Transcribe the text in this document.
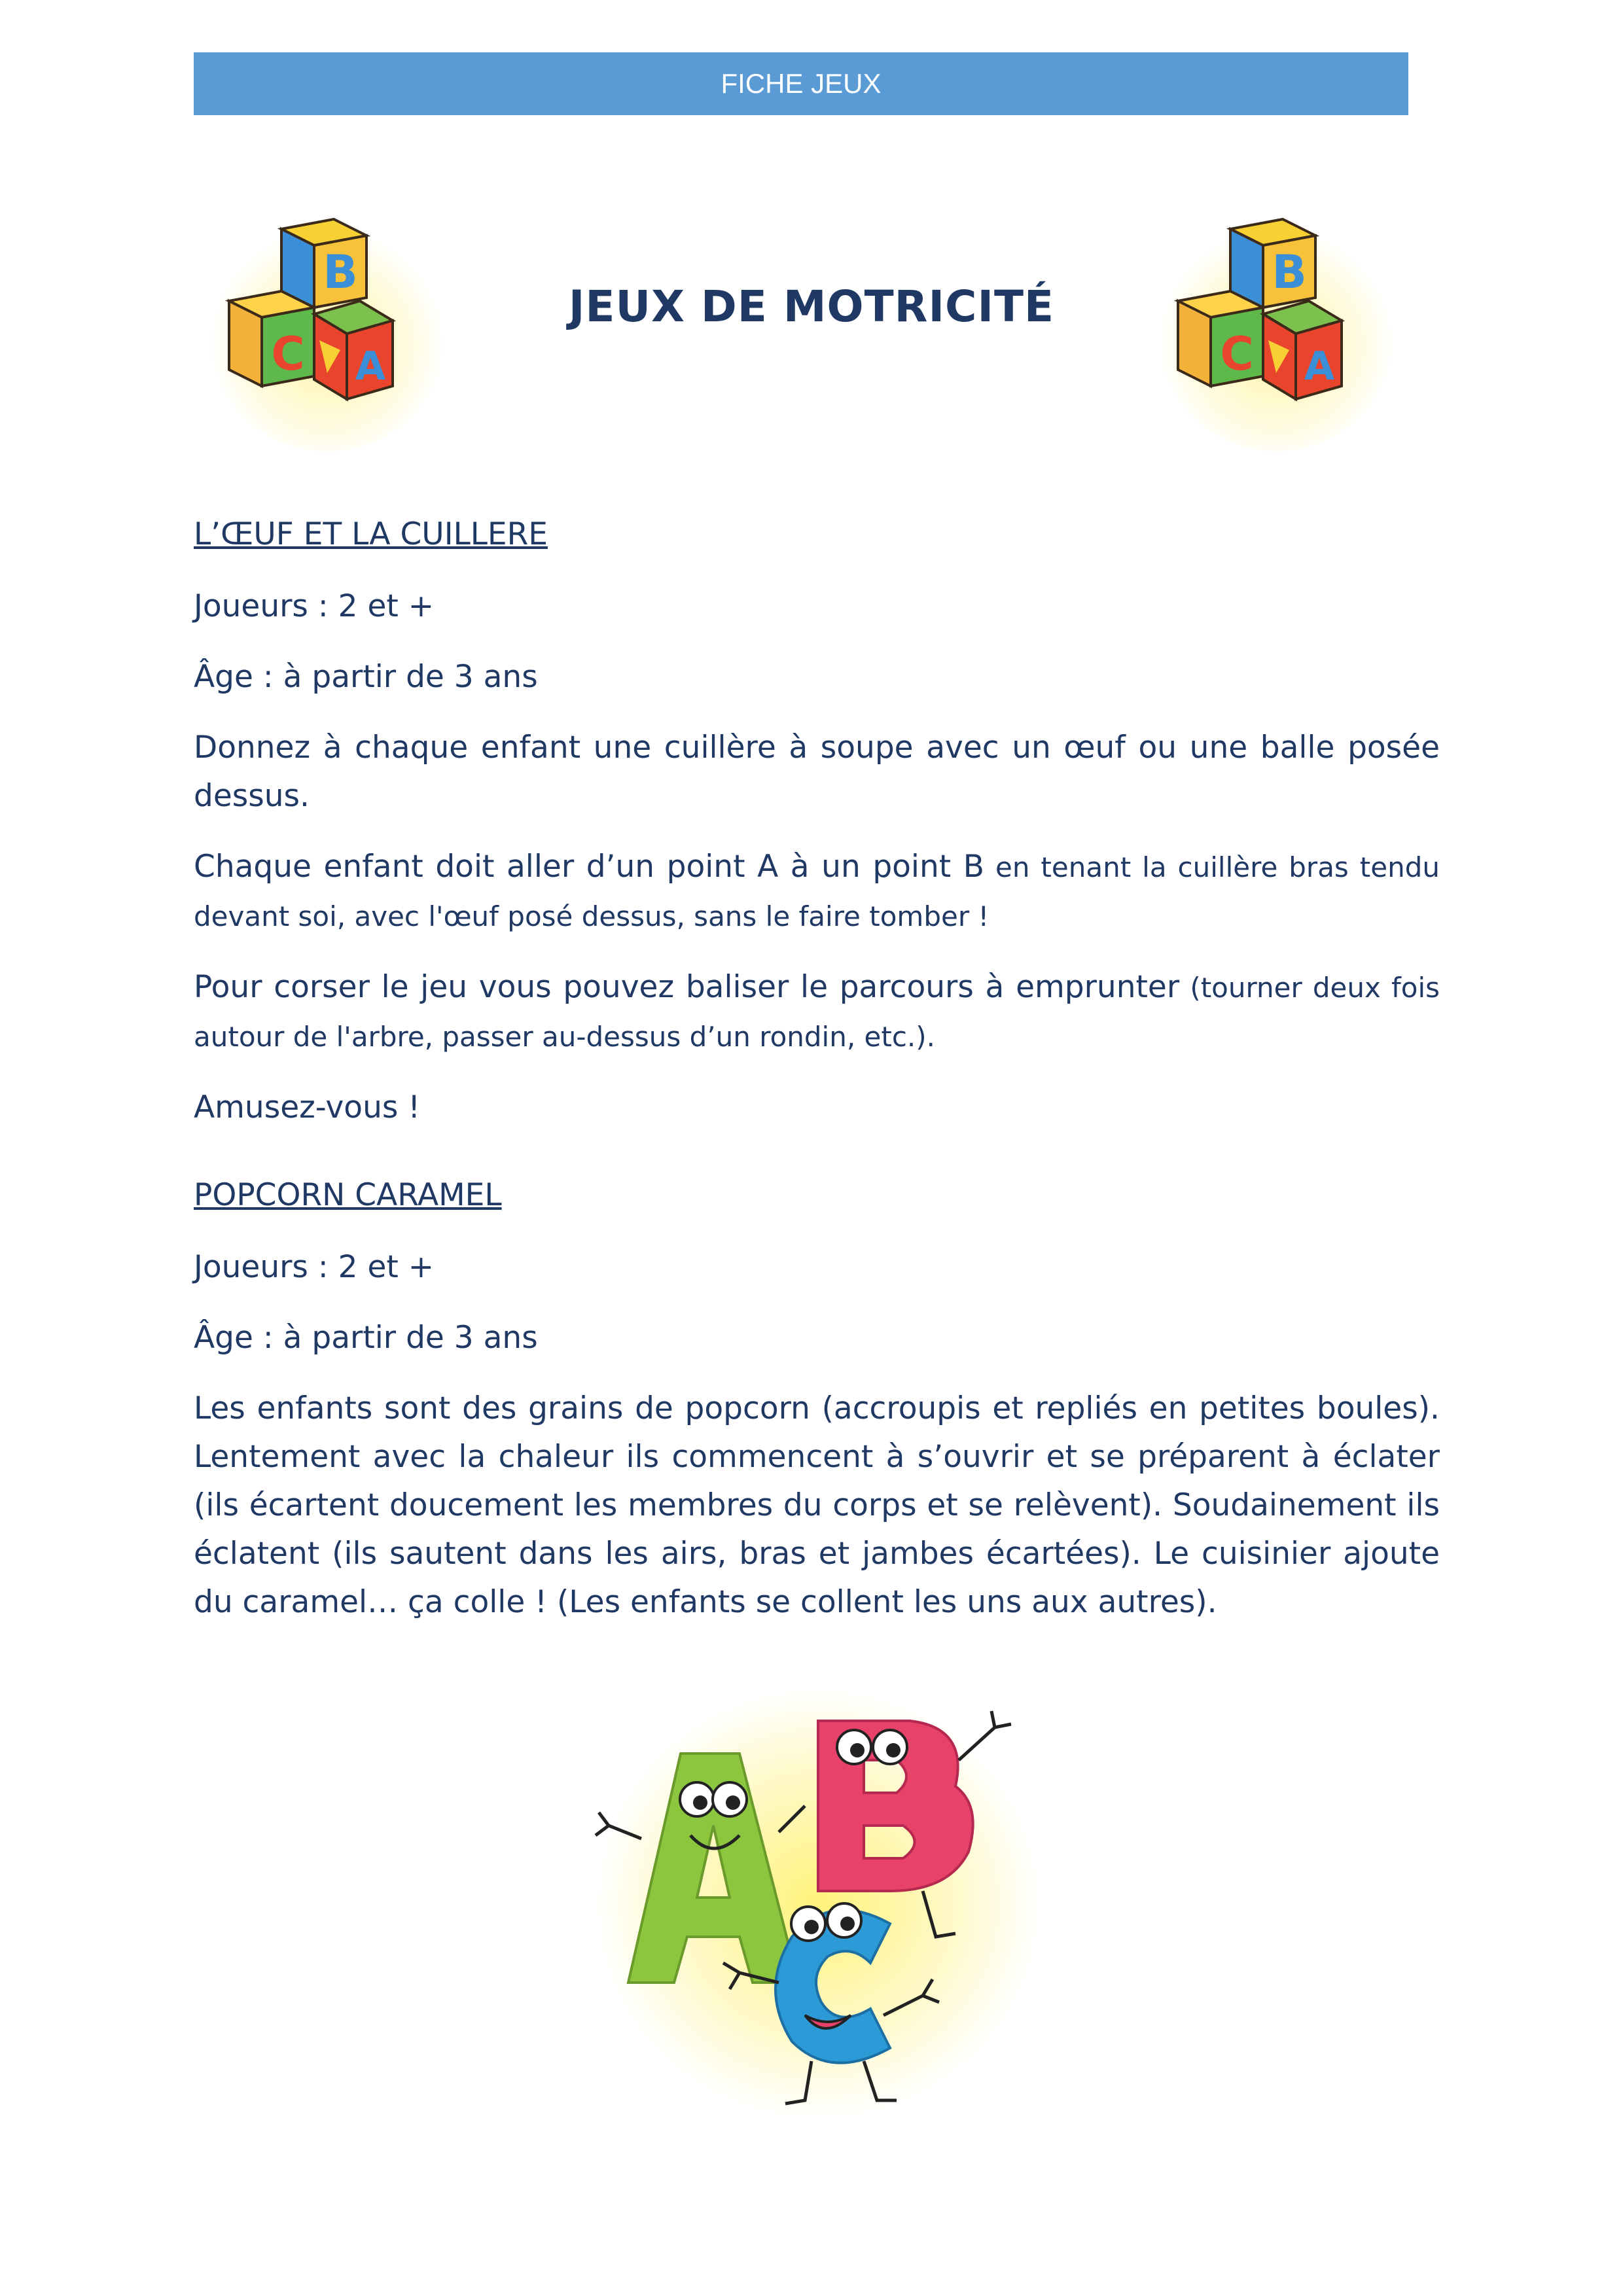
FICHE JEUX
B
C A
JEUX DE MOTRICITÉ
B
C A

L’ŒUF ET LA CUILLERE

Joueurs : 2 et +

Âge : à partir de 3 ans

Donnez à chaque enfant une cuillère à soupe avec un œuf ou une balle posée dessus.

Chaque enfant doit aller d’un point A à un point B en tenant la cuillère bras tendu devant soi, avec l'œuf posé dessus, sans le faire tomber !

Pour corser le jeu vous pouvez baliser le parcours à emprunter (tourner deux fois autour de l'arbre, passer au-dessus d’un rondin, etc.).

Amusez-vous !

POPCORN CARAMEL

Joueurs : 2 et +

Âge : à partir de 3 ans

Les enfants sont des grains de popcorn (accroupis et repliés en petites boules). Lentement avec la chaleur ils commencent à s’ouvrir et se préparent à éclater (ils écartent doucement les membres du corps et se relèvent). Soudainement ils éclatent (ils sautent dans les airs, bras et jambes écartées). Le cuisinier ajoute du caramel… ça colle ! (Les enfants se collent les uns aux autres).
